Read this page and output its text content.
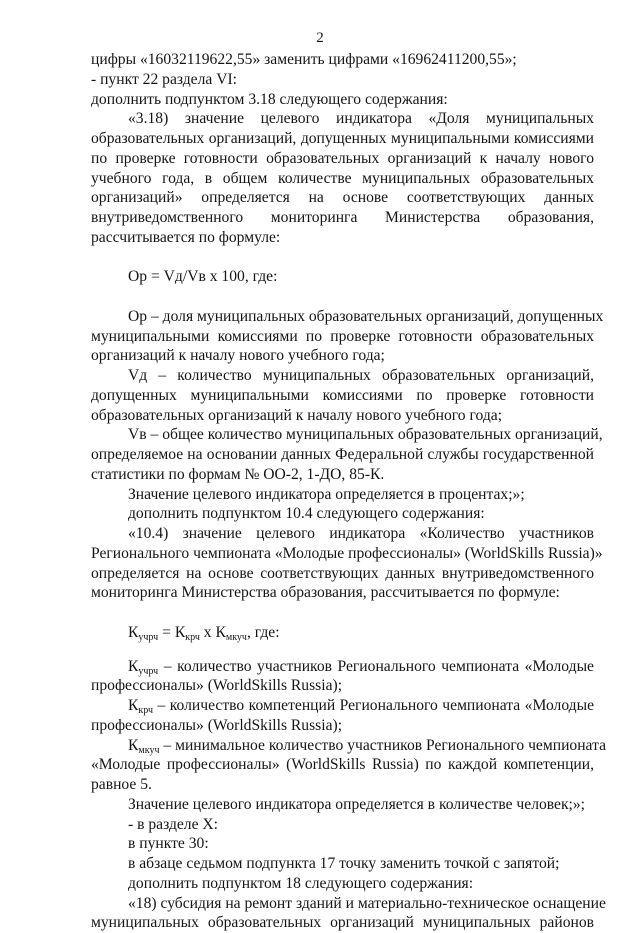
2
цифры «16032119622,55» заменить цифрами «16962411200,55»;
- пункт 22 раздела VI:
дополнить подпунктом 3.18 следующего содержания:
«3.18) значение целевого индикатора «Доля муниципальных
образовательных организаций, допущенных муниципальными комиссиями
по проверке готовности образовательных организаций к началу нового
учебного года, в общем количестве муниципальных образовательных
организаций» определяется на основе соответствующих данных
внутриведомственного мониторинга Министерства образования,
рассчитывается по формуле:
Ор = Vд/Vв x 100, где:
Ор – доля муниципальных образовательных организаций, допущенных
муниципальными комиссиями по проверке готовности образовательных
организаций к началу нового учебного года;
Vд – количество муниципальных образовательных организаций,
допущенных муниципальными комиссиями по проверке готовности
образовательных организаций к началу нового учебного года;
Vв – общее количество муниципальных образовательных организаций,
определяемое на основании данных Федеральной службы государственной
статистики по формам № ОО-2, 1-ДО, 85-К.
Значение целевого индикатора определяется в процентах;»;
дополнить подпунктом 10.4 следующего содержания:
«10.4) значение целевого индикатора «Количество участников
Регионального чемпионата «Молодые профессионалы» (WorldSkills Russia)»
определяется на основе соответствующих данных внутриведомственного
мониторинга Министерства образования, рассчитывается по формуле:
$К_{учрч} = К_{крч}$ x $К_{мкуч}$, где:
$К_{учрч}$ – количество участников Регионального чемпионата «Молодые
профессионалы» (WorldSkills Russia);
$К_{крч}$ – количество компетенций Регионального чемпионата «Молодые
профессионалы» (WorldSkills Russia);
$К_{мкуч}$ – минимальное количество участников Регионального чемпионата
«Молодые профессионалы» (WorldSkills Russia) по каждой компетенции,
равное 5.
Значение целевого индикатора определяется в количестве человек;»;
- в разделе X:
в пункте 30:
в абзаце седьмом подпункта 17 точку заменить точкой с запятой;
дополнить подпунктом 18 следующего содержания:
«18) субсидия на ремонт зданий и материально-техническое оснащение
муниципальных образовательных организаций муниципальных районов
